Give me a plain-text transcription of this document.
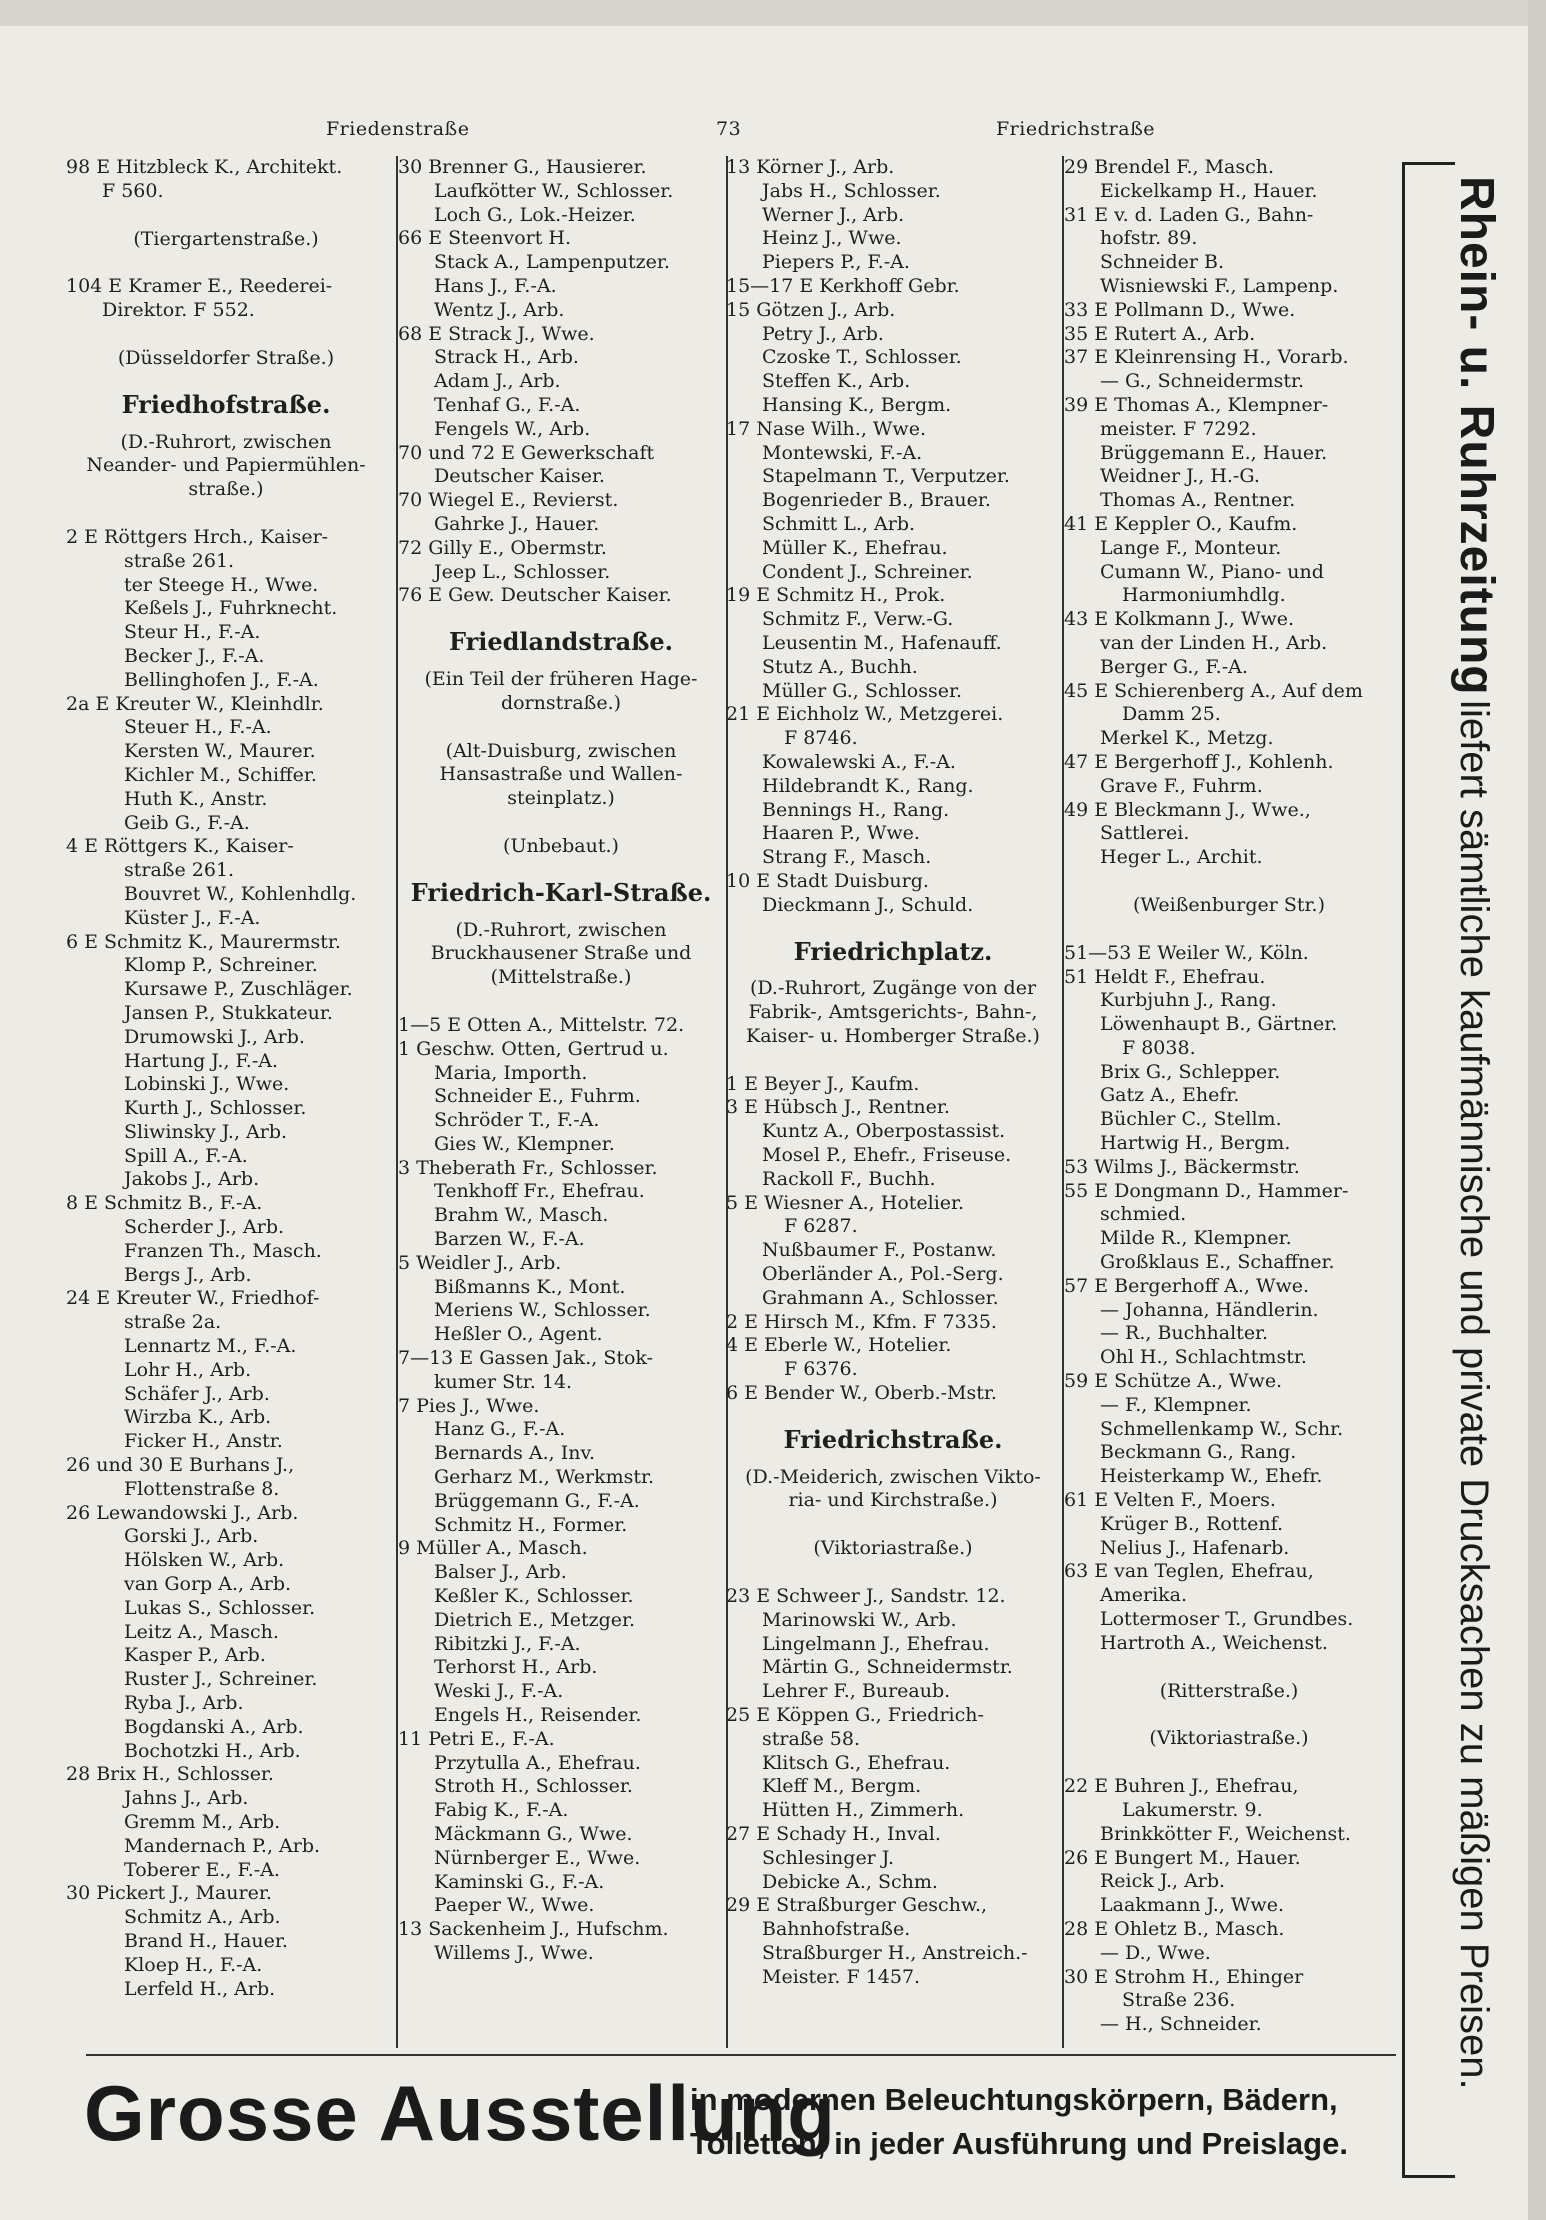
Friedenstraße	73	Friedrichstraße
98 E Hitzbleck K., Architekt.
F 560.
(Tiergartenstraße.)
104 E Kramer E., Reederei-
Direktor. F 552.
(Düsseldorfer Straße.)
Friedhofstraße.
(D.-Ruhrort, zwischen
Neander- und Papiermühlen-
straße.)
2 E Röttgers Hrch., Kaiser-
straße 261.
ter Steege H., Wwe.
Keßels J., Fuhrknecht.
Steur H., F.-A.
Becker J., F.-A.
Bellinghofen J., F.-A.
2a E Kreuter W., Kleinhdlr.
Steuer H., F.-A.
Kersten W., Maurer.
Kichler M., Schiffer.
Huth K., Anstr.
Geib G., F.-A.
4 E Röttgers K., Kaiser-
straße 261.
Bouvret W., Kohlenhdlg.
Küster J., F.-A.
6 E Schmitz K., Maurermstr.
Klomp P., Schreiner.
Kursawe P., Zuschläger.
Jansen P., Stukkateur.
Drumowski J., Arb.
Hartung J., F.-A.
Lobinski J., Wwe.
Kurth J., Schlosser.
Sliwinsky J., Arb.
Spill A., F.-A.
Jakobs J., Arb.
8 E Schmitz B., F.-A.
Scherder J., Arb.
Franzen Th., Masch.
Bergs J., Arb.
24 E Kreuter W., Friedhof-
straße 2a.
Lennartz M., F.-A.
Lohr H., Arb.
Schäfer J., Arb.
Wirzba K., Arb.
Ficker H., Anstr.
26 und 30 E Burhans J.,
Flottenstraße 8.
26 Lewandowski J., Arb.
Gorski J., Arb.
Hölsken W., Arb.
van Gorp A., Arb.
Lukas S., Schlosser.
Leitz A., Masch.
Kasper P., Arb.
Ruster J., Schreiner.
Ryba J., Arb.
Bogdanski A., Arb.
Bochotzki H., Arb.
28 Brix H., Schlosser.
Jahns J., Arb.
Gremm M., Arb.
Mandernach P., Arb.
Toberer E., F.-A.
30 Pickert J., Maurer.
Schmitz A., Arb.
Brand H., Hauer.
Kloep H., F.-A.
Lerfeld H., Arb.
30 Brenner G., Hausierer.
Laufkötter W., Schlosser.
Loch G., Lok.-Heizer.
66 E Steenvort H.
Stack A., Lampenputzer.
Hans J., F.-A.
Wentz J., Arb.
68 E Strack J., Wwe.
Strack H., Arb.
Adam J., Arb.
Tenhaf G., F.-A.
Fengels W., Arb.
70 und 72 E Gewerkschaft
Deutscher Kaiser.
70 Wiegel E., Revierst.
Gahrke J., Hauer.
72 Gilly E., Obermstr.
Jeep L., Schlosser.
76 E Gew. Deutscher Kaiser.
Friedlandstraße.
(Ein Teil der früheren Hage-
dornstraße.)
(Alt-Duisburg, zwischen
Hansastraße und Wallen-
steinplatz.)
(Unbebaut.)
Friedrich-Karl-Straße.
(D.-Ruhrort, zwischen
Bruckhausener Straße und
(Mittelstraße.)
1—5 E Otten A., Mittelstr. 72.
1 Geschw. Otten, Gertrud u.
Maria, Importh.
Schneider E., Fuhrm.
Schröder T., F.-A.
Gies W., Klempner.
3 Theberath Fr., Schlosser.
Tenkhoff Fr., Ehefrau.
Brahm W., Masch.
Barzen W., F.-A.
5 Weidler J., Arb.
Bißmanns K., Mont.
Meriens W., Schlosser.
Heßler O., Agent.
7—13 E Gassen Jak., Stok-
kumer Str. 14.
7 Pies J., Wwe.
Hanz G., F.-A.
Bernards A., Inv.
Gerharz M., Werkmstr.
Brüggemann G., F.-A.
Schmitz H., Former.
9 Müller A., Masch.
Balser J., Arb.
Keßler K., Schlosser.
Dietrich E., Metzger.
Ribitzki J., F.-A.
Terhorst H., Arb.
Weski J., F.-A.
Engels H., Reisender.
11 Petri E., F.-A.
Przytulla A., Ehefrau.
Stroth H., Schlosser.
Fabig K., F.-A.
Mäckmann G., Wwe.
Nürnberger E., Wwe.
Kaminski G., F.-A.
Paeper W., Wwe.
13 Sackenheim J., Hufschm.
Willems J., Wwe.
13 Körner J., Arb.
Jabs H., Schlosser.
Werner J., Arb.
Heinz J., Wwe.
Piepers P., F.-A.
15—17 E Kerkhoff Gebr.
15 Götzen J., Arb.
Petry J., Arb.
Czoske T., Schlosser.
Steffen K., Arb.
Hansing K., Bergm.
17 Nase Wilh., Wwe.
Montewski, F.-A.
Stapelmann T., Verputzer.
Bogenrieder B., Brauer.
Schmitt L., Arb.
Müller K., Ehefrau.
Condent J., Schreiner.
19 E Schmitz H., Prok.
Schmitz F., Verw.-G.
Leusentin M., Hafenauff.
Stutz A., Buchh.
Müller G., Schlosser.
21 E Eichholz W., Metzgerei.
F 8746.
Kowalewski A., F.-A.
Hildebrandt K., Rang.
Bennings H., Rang.
Haaren P., Wwe.
Strang F., Masch.
10 E Stadt Duisburg.
Dieckmann J., Schuld.
Friedrichplatz.
(D.-Ruhrort, Zugänge von der
Fabrik-, Amtsgerichts-, Bahn-,
Kaiser- u. Homberger Straße.)
1 E Beyer J., Kaufm.
3 E Hübsch J., Rentner.
Kuntz A., Oberpostassist.
Mosel P., Ehefr., Friseuse.
Rackoll F., Buchh.
5 E Wiesner A., Hotelier.
F 6287.
Nußbaumer F., Postanw.
Oberländer A., Pol.-Serg.
Grahmann A., Schlosser.
2 E Hirsch M., Kfm. F 7335.
4 E Eberle W., Hotelier.
F 6376.
6 E Bender W., Oberb.-Mstr.
Friedrichstraße.
(D.-Meiderich, zwischen Vikto-
ria- und Kirchstraße.)
(Viktoriastraße.)
23 E Schweer J., Sandstr. 12.
Marinowski W., Arb.
Lingelmann J., Ehefrau.
Märtin G., Schneidermstr.
Lehrer F., Bureaub.
25 E Köppen G., Friedrich-
straße 58.
Klitsch G., Ehefrau.
Kleff M., Bergm.
Hütten H., Zimmerh.
27 E Schady H., Inval.
Schlesinger J.
Debicke A., Schm.
29 E Straßburger Geschw.,
Bahnhofstraße.
Straßburger H., Anstreich.-
Meister. F 1457.
29 Brendel F., Masch.
Eickelkamp H., Hauer.
31 E v. d. Laden G., Bahn-
hofstr. 89.
Schneider B.
Wisniewski F., Lampenp.
33 E Pollmann D., Wwe.
35 E Rutert A., Arb.
37 E Kleinrensing H., Vorarb.
— G., Schneidermstr.
39 E Thomas A., Klempner-
meister. F 7292.
Brüggemann E., Hauer.
Weidner J., H.-G.
Thomas A., Rentner.
41 E Keppler O., Kaufm.
Lange F., Monteur.
Cumann W., Piano- und
Harmoniumhdlg.
43 E Kolkmann J., Wwe.
van der Linden H., Arb.
Berger G., F.-A.
45 E Schierenberg A., Auf dem
Damm 25.
Merkel K., Metzg.
47 E Bergerhoff J., Kohlenh.
Grave F., Fuhrm.
49 E Bleckmann J., Wwe.,
Sattlerei.
Heger L., Archit.
(Weißenburger Str.)
51—53 E Weiler W., Köln.
51 Heldt F., Ehefrau.
Kurbjuhn J., Rang.
Löwenhaupt B., Gärtner.
F 8038.
Brix G., Schlepper.
Gatz A., Ehefr.
Büchler C., Stellm.
Hartwig H., Bergm.
53 Wilms J., Bäckermstr.
55 E Dongmann D., Hammer-
schmied.
Milde R., Klempner.
Großklaus E., Schaffner.
57 E Bergerhoff A., Wwe.
— Johanna, Händlerin.
— R., Buchhalter.
Ohl H., Schlachtmstr.
59 E Schütze A., Wwe.
— F., Klempner.
Schmellenkamp W., Schr.
Beckmann G., Rang.
Heisterkamp W., Ehefr.
61 E Velten F., Moers.
Krüger B., Rottenf.
Nelius J., Hafenarb.
63 E van Teglen, Ehefrau,
Amerika.
Lottermoser T., Grundbes.
Hartroth A., Weichenst.
(Ritterstraße.)
(Viktoriastraße.)
22 E Buhren J., Ehefrau,
Lakumerstr. 9.
Brinkkötter F., Weichenst.
26 E Bungert M., Hauer.
Reick J., Arb.
Laakmann J., Wwe.
28 E Ohletz B., Masch.
— D., Wwe.
30 E Strohm H., Ehinger
Straße 236.
— H., Schneider.
Grosse Ausstellung
in modernen Beleuchtungskörpern, Bädern,
Toiletten, in jeder Ausführung und Preislage.
Rhein- u. Ruhrzeitung liefert sämtliche kaufmännische und private Drucksachen zu mäßigen Preisen.
